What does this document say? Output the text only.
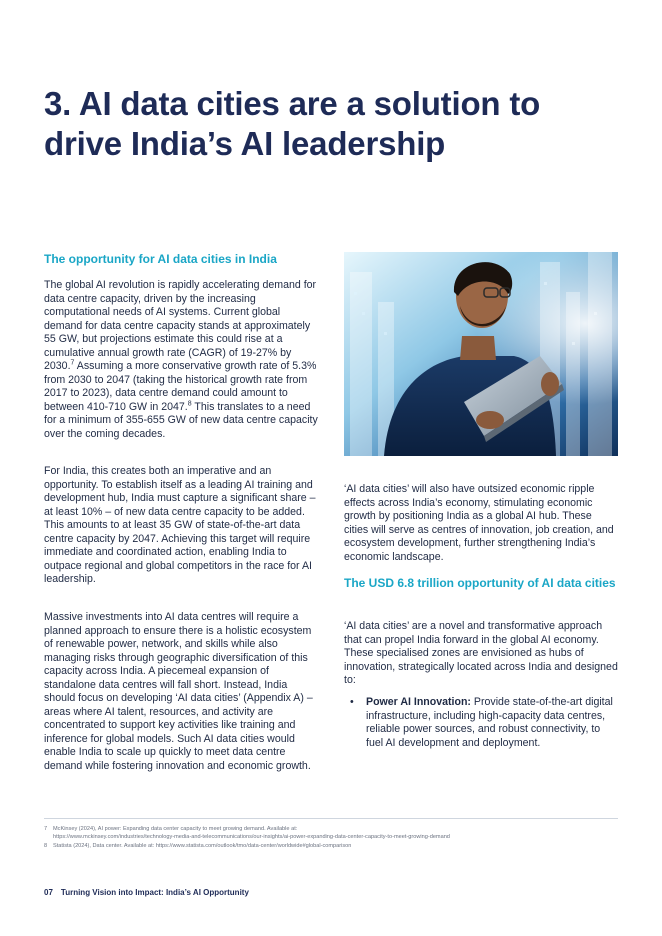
3. AI data cities are a solution to drive India’s AI leadership
The opportunity for AI data cities in India

The global AI revolution is rapidly accelerating demand for data centre capacity, driven by the increasing computational needs of AI systems. Current global demand for data centre capacity stands at approximately 55 GW, but projections estimate this could rise at a cumulative annual growth rate (CAGR) of 19-27% by 2030.$^7$ Assuming a more conservative growth rate of 5.3% from 2030 to 2047 (taking the historical growth rate from 2017 to 2023), data centre demand could amount to between 410-710 GW in 2047.$^8$ This translates to a need for a minimum of 355-655 GW of new data centre capacity over the coming decades.

For India, this creates both an imperative and an opportunity. To establish itself as a leading AI training and development hub, India must capture a significant share – at least 10% – of new data centre capacity to be added. This amounts to at least 35 GW of state-of-the-art data centre capacity by 2047. Achieving this target will require immediate and coordinated action, enabling India to outpace regional and global competitors in the race for AI leadership.

Massive investments into AI data centres will require a planned approach to ensure there is a holistic ecosystem of renewable power, network, and skills while also managing risks through geographic diversification of this capacity across India. A piecemeal expansion of standalone data centres will fall short. Instead, India should focus on developing ‘AI data cities’ (Appendix A) – areas where AI talent, resources, and activity are concentrated to support key activities like training and inference for global models. Such AI data cities would enable India to scale up quickly to meet data centre demand while fostering innovation and economic growth.

‘AI data cities’ will also have outsized economic ripple effects across India’s economy, stimulating economic growth by positioning India as a global AI hub. These cities will serve as centres of innovation, job creation, and ecosystem development, further strengthening India’s economic landscape.

The USD 6.8 trillion opportunity of AI data cities

‘AI data cities’ are a novel and transformative approach that can propel India forward in the global AI economy. These specialised zones are envisioned as hubs of innovation, strategically located across India and designed to:

• Power AI Innovation: Provide state-of-the-art digital infrastructure, including high-capacity data centres, reliable power sources, and robust connectivity, to fuel AI development and deployment.

7 McKinsey (2024), AI power: Expanding data center capacity to meet growing demand. Available at:
https://www.mckinsey.com/industries/technology-media-and-telecommunications/our-insights/ai-power-expanding-data-center-capacity-to-meet-growing-demand

8 Statista (2024), Data center. Available at: https://www.statista.com/outlook/tmo/data-center/worldwide#global-comparison

07 Turning Vision into Impact: India’s AI Opportunity
